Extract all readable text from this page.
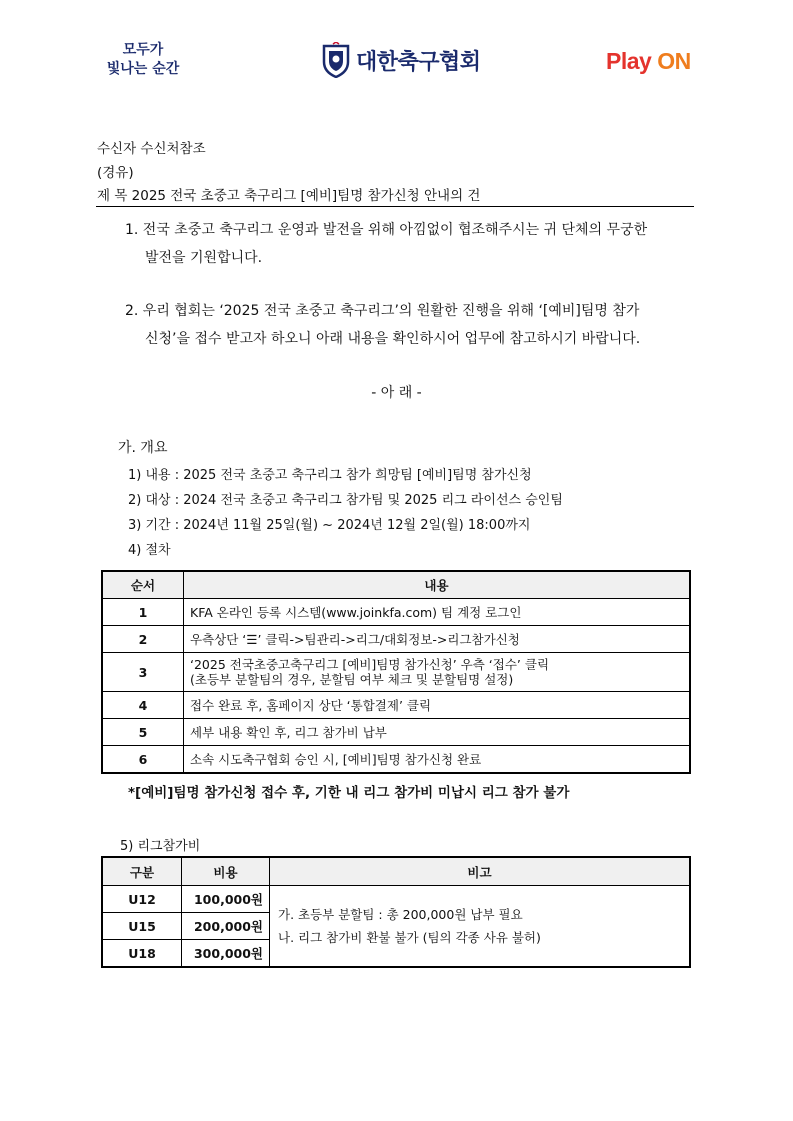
모두가
빛나는 순간	대한축구협회	Play ON
수신자 수신처참조
(경유)
제 목 2025 전국 초중고 축구리그 [예비]팀명 참가신청 안내의 건
1. 전국 초중고 축구리그 운영과 발전을 위해 아낌없이 협조해주시는 귀 단체의 무궁한
발전을 기원합니다.
2. 우리 협회는 ‘2025 전국 초중고 축구리그’의 원활한 진행을 위해 ‘[예비]팀명 참가
신청’을 접수 받고자 하오니 아래 내용을 확인하시어 업무에 참고하시기 바랍니다.
- 아 래 -
가. 개요
1) 내용 : 2025 전국 초중고 축구리그 참가 희망팀 [예비]팀명 참가신청
2) 대상 : 2024 전국 초중고 축구리그 참가팀 및 2025 리그 라이선스 승인팀
3) 기간 : 2024년 11월 25일(월) ~ 2024년 12월 2일(월) 18:00까지
4) 절차
순서	내용
1	KFA 온라인 등록 시스템(www.joinkfa.com) 팀 계정 로그인
2	우측상단 ‘☰’ 클릭->팀관리->리그/대회정보->리그참가신청
3	‘2025 전국초중고축구리그 [예비]팀명 참가신청’ 우측 ‘접수’ 클릭
(초등부 분할팀의 경우, 분할팀 여부 체크 및 분할팀명 설정)

4	접수 완료 후, 홈페이지 상단 ‘통합결제’ 클릭
5	세부 내용 확인 후, 리그 참가비 납부
6	소속 시도축구협회 승인 시, [예비]팀명 참가신청 완료
*[예비]팀명 참가신청 접수 후, 기한 내 리그 참가비 미납시 리그 참가 불가
5) 리그참가비
구분	비용	비고
U12	100,000원	가. 초등부 분할팀 : 총 200,000원 납부 필요
나. 리그 참가비 환불 불가 (팀의 각종 사유 불허)

U15	200,000원	
U18	300,000원	
